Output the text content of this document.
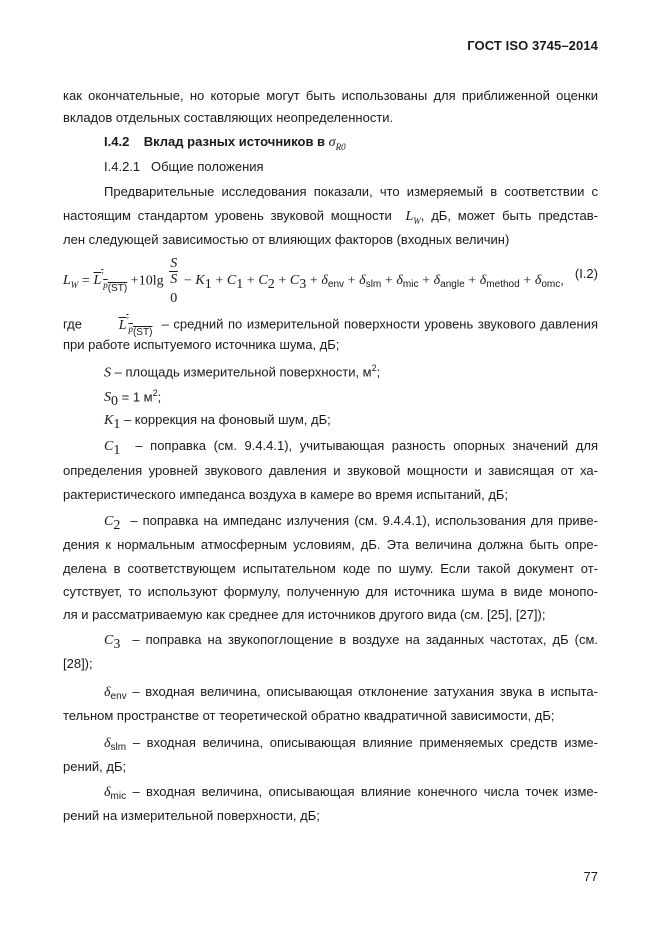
ГОСТ ISO 3745–2014
как окончательные, но которые могут быть использованы для приближенной оценки
вкладов отдельных составляющих неопределенности.
I.4.2 Вклад разных источников в $\sigma_{R0}$
I.4.2.1 Общие положения
Предварительные исследования показали, что измеряемый в соответствии с
настоящим стандартом уровень звуковой мощности $L_W$, дБ, может быть представ-
лен следующей зависимостью от влияющих факторов (входных величин)
$L_W = L'_{p(ST)} +10\lg$ S
S
$_0 - K_1 + C_1 + C_2 + C_3 + \delta_{env} + \delta_{slm} + \delta_{mic} + \delta_{angle} + \delta_{method} + \delta_{omc}$, (I.2)
где	$L'_{p(ST)}$  – средний по измерительной поверхности уровень звукового давления
при работе испытуемого источника шума, дБ;
S – площадь измерительной поверхности, $м^2$;
$S_0 = 1$ $м^2$;
$K_1$ – коррекция на фоновый шум, дБ;
$C_1$ – поправка (см. 9.4.4.1), учитывающая разность опорных значений для
определения уровней звукового давления и звуковой мощности и зависящая от ха-
рактеристического импеданса воздуха в камере во время испытаний, дБ;
$C_2$ – поправка на импеданс излучения (см. 9.4.4.1), использования для приве-
дения к нормальным атмосферным условиям, дБ. Эта величина должна быть опре-
делена в соответствующем испытательном коде по шуму. Если такой документ от-
сутствует, то используют формулу, полученную для источника шума в виде монопо-
ля и рассматриваемую как среднее для источников другого вида (см. [25], [27]);
$C_3$ – поправка на звукопоглощение в воздухе на заданных частотах, дБ (см.
[28]);
$\delta_{env}$ – входная величина, описывающая отклонение затухания звука в испыта-
тельном пространстве от теоретической обратно квадратичной зависимости, дБ;
$\delta_{slm}$ – входная величина, описывающая влияние применяемых средств изме-
рений, дБ;
$\delta_{mic}$ – входная величина, описывающая влияние конечного числа точек изме-
рений на измерительной поверхности, дБ;
77
